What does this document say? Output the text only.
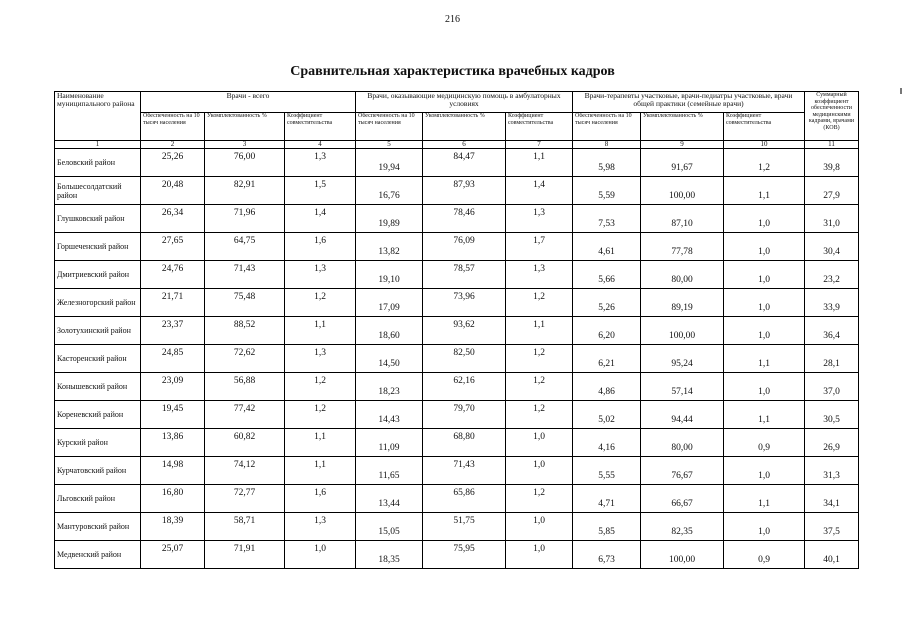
216
Сравнительная характеристика врачебных кадров
Наименование муниципального района	Врачи - всего			Врачи, оказывающие медицинскую помощь в амбулаторных условиях			Врачи-терапевты участковые, врачи-педиатры участковые, врачи общей практики (семейные врачи)			Суммарный коэффициент обеспеченности медицинскими кадрами, врачами (КОВ)
	Обеспеченность на 10 тысяч населения	Укомплектованность %	Коэффициент совместительства	Обеспеченность на 10 тысяч населения	Укомплектованность %	Коэффициент совместительства	Обеспеченность на 10 тысяч населения	Укомплектованность %	Коэффициент совместительства	
1	2	3	4	5	6	7	8	9	10	11
Беловский район	25,26	76,00	1,3	19,94	84,47	1,1	5,98	91,67	1,2	39,8
Большесолдатский район	20,48	82,91	1,5	16,76	87,93	1,4	5,59	100,00	1,1	27,9
Глушковский район	26,34	71,96	1,4	19,89	78,46	1,3	7,53	87,10	1,0	31,0
Горшеченский район	27,65	64,75	1,6	13,82	76,09	1,7	4,61	77,78	1,0	30,4
Дмитриевский район	24,76	71,43	1,3	19,10	78,57	1,3	5,66	80,00	1,0	23,2
Железногорский район	21,71	75,48	1,2	17,09	73,96	1,2	5,26	89,19	1,0	33,9
Золотухинский район	23,37	88,52	1,1	18,60	93,62	1,1	6,20	100,00	1,0	36,4
Касторенский район	24,85	72,62	1,3	14,50	82,50	1,2	6,21	95,24	1,1	28,1
Конышевский район	23,09	56,88	1,2	18,23	62,16	1,2	4,86	57,14	1,0	37,0
Кореневский район	19,45	77,42	1,2	14,43	79,70	1,2	5,02	94,44	1,1	30,5
Курский район	13,86	60,82	1,1	11,09	68,80	1,0	4,16	80,00	0,9	26,9
Курчатовский район	14,98	74,12	1,1	11,65	71,43	1,0	5,55	76,67	1,0	31,3
Льговский район	16,80	72,77	1,6	13,44	65,86	1,2	4,71	66,67	1,1	34,1
Мантуровский район	18,39	58,71	1,3	15,05	51,75	1,0	5,85	82,35	1,0	37,5
Медвенский район	25,07	71,91	1,0	18,35	75,95	1,0	6,73	100,00	0,9	40,1
